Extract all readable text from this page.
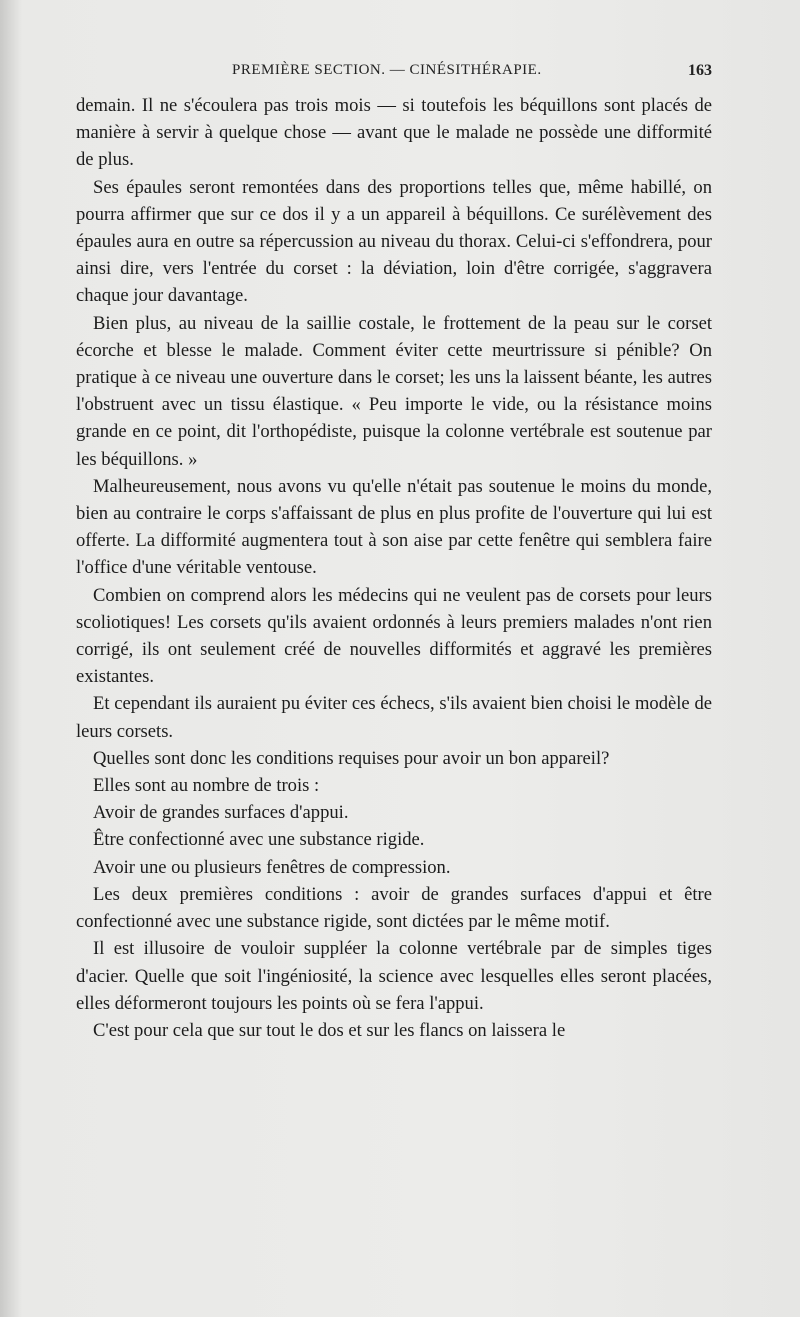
PREMIÈRE SECTION. — CINÉSITHÉRAPIE.	163

demain. Il ne s'écoulera pas trois mois — si toutefois les béquillons sont placés de manière à servir à quelque chose — avant que le malade ne possède une difformité de plus.

Ses épaules seront remontées dans des proportions telles que, même habillé, on pourra affirmer que sur ce dos il y a un appareil à béquillons. Ce surélèvement des épaules aura en outre sa répercussion au niveau du thorax. Celui-ci s'effondrera, pour ainsi dire, vers l'entrée du corset : la déviation, loin d'être corrigée, s'aggravera chaque jour davantage.

Bien plus, au niveau de la saillie costale, le frottement de la peau sur le corset écorche et blesse le malade. Comment éviter cette meurtrissure si pénible? On pratique à ce niveau une ouverture dans le corset; les uns la laissent béante, les autres l'obstruent avec un tissu élastique. « Peu importe le vide, ou la résistance moins grande en ce point, dit l'orthopédiste, puisque la colonne vertébrale est soutenue par les béquillons. »

Malheureusement, nous avons vu qu'elle n'était pas soutenue le moins du monde, bien au contraire le corps s'affaissant de plus en plus profite de l'ouverture qui lui est offerte. La difformité augmentera tout à son aise par cette fenêtre qui semblera faire l'office d'une véritable ventouse.

Combien on comprend alors les médecins qui ne veulent pas de corsets pour leurs scoliotiques! Les corsets qu'ils avaient ordonnés à leurs premiers malades n'ont rien corrigé, ils ont seulement créé de nouvelles difformités et aggravé les premières existantes.

Et cependant ils auraient pu éviter ces échecs, s'ils avaient bien choisi le modèle de leurs corsets.

Quelles sont donc les conditions requises pour avoir un bon appareil?

Elles sont au nombre de trois :

Avoir de grandes surfaces d'appui.

Être confectionné avec une substance rigide.

Avoir une ou plusieurs fenêtres de compression.

Les deux premières conditions : avoir de grandes surfaces d'appui et être confectionné avec une substance rigide, sont dictées par le même motif.

Il est illusoire de vouloir suppléer la colonne vertébrale par de simples tiges d'acier. Quelle que soit l'ingéniosité, la science avec lesquelles elles seront placées, elles déformeront toujours les points où se fera l'appui.

C'est pour cela que sur tout le dos et sur les flancs on laissera le
